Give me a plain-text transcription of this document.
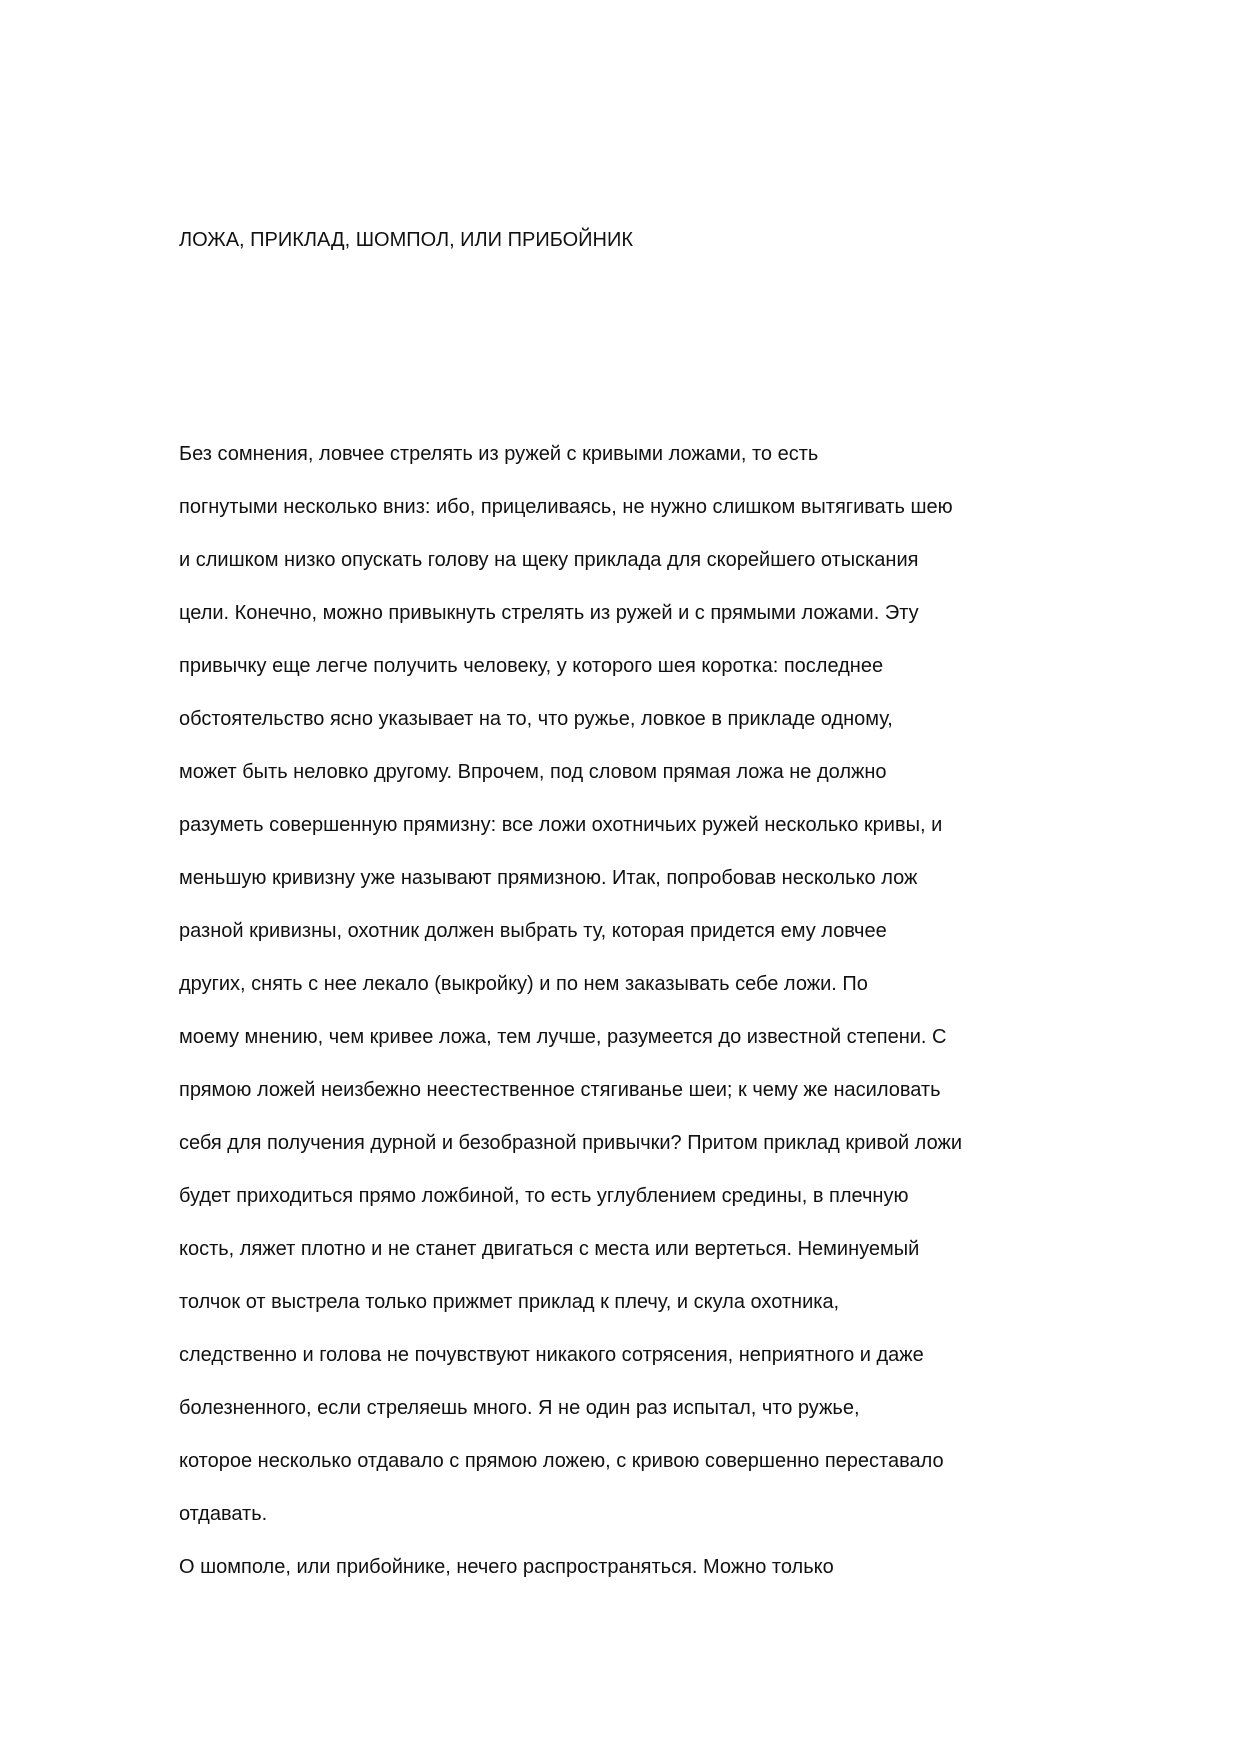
ЛОЖА, ПРИКЛАД, ШОМПОЛ, ИЛИ ПРИБОЙНИК
Без сомнения, ловчее стрелять из ружей с кривыми ложами, то есть
погнутыми несколько вниз: ибо, прицеливаясь, не нужно слишком вытягивать шею
и слишком низко опускать голову на щеку приклада для скорейшего отыскания
цели. Конечно, можно привыкнуть стрелять из ружей и с прямыми ложами. Эту
привычку еще легче получить человеку, у которого шея коротка: последнее
обстоятельство ясно указывает на то, что ружье, ловкое в прикладе одному,
может быть неловко другому. Впрочем, под словом прямая ложа не должно
разуметь совершенную прямизну: все ложи охотничьих ружей несколько кривы, и
меньшую кривизну уже называют прямизною. Итак, попробовав несколько лож
разной кривизны, охотник должен выбрать ту, которая придется ему ловчее
других, снять с нее лекало (выкройку) и по нем заказывать себе ложи. По
моему мнению, чем кривее ложа, тем лучше, разумеется до известной степени. С
прямою ложей неизбежно неестественное стягиванье шеи; к чему же насиловать
себя для получения дурной и безобразной привычки? Притом приклад кривой ложи
будет приходиться прямо ложбиной, то есть углублением средины, в плечную
кость, ляжет плотно и не станет двигаться с места или вертеться. Неминуемый
толчок от выстрела только прижмет приклад к плечу, и скула охотника,
следственно и голова не почувствуют никакого сотрясения, неприятного и даже
болезненного, если стреляешь много. Я не один раз испытал, что ружье,
которое несколько отдавало с прямою ложею, с кривою совершенно переставало
отдавать.
О шомполе, или прибойнике, нечего распространяться. Можно только
